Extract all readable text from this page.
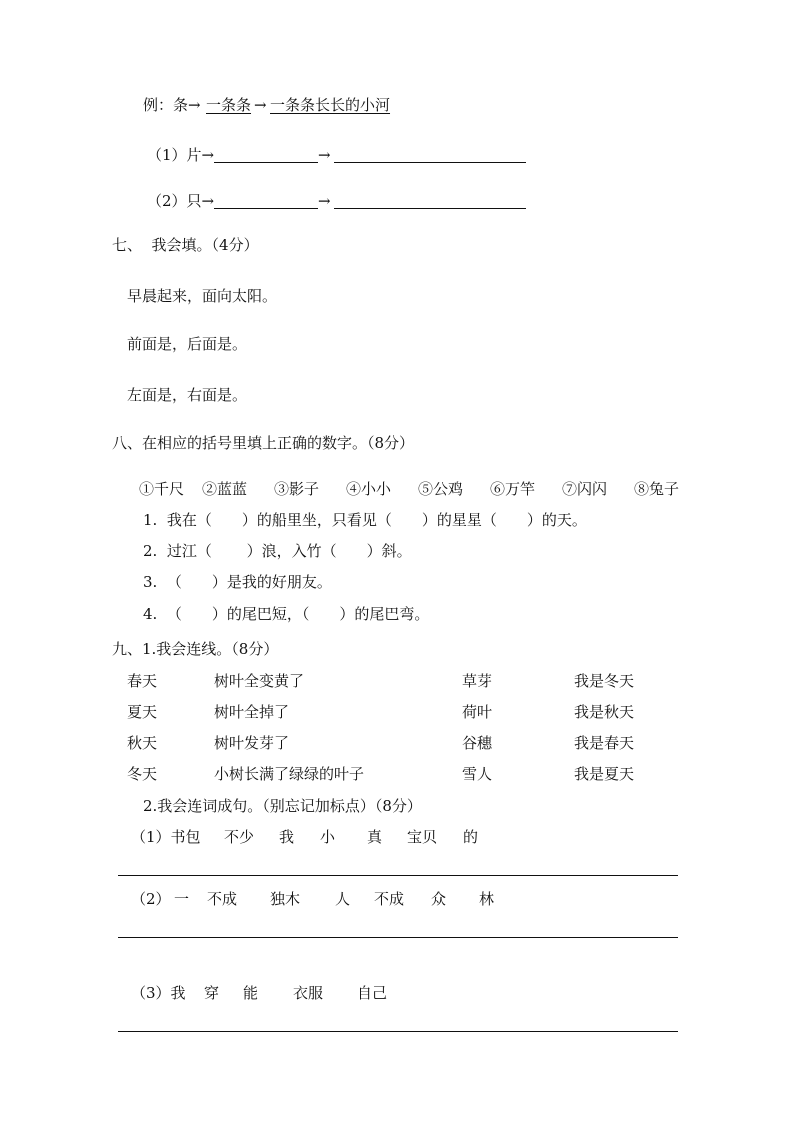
例：条→ 一条条 → 一条条长长的小河
（1）片→	→
（2）只→	→
七、  我会填。（4分）
早晨起来，面向太阳。
前面是，后面是。
左面是，右面是。
八、在相应的括号里填上正确的数字。（8分）
①千尺 ②蓝蓝 ③影子 ④小小 ⑤公鸡 ⑥万竿 ⑦闪闪 ⑧兔子
1.  我在（　　）的船里坐，只看见（　　）的星星（　　）的天。
2.  过江（　　 ）浪，入竹（　　）斜。
3.  （　　）是我的好朋友。
4.  （　　）的尾巴短，（　　）的尾巴弯。
九、1.我会连线。（8分）
春天	树叶全变黄了	草芽	我是冬天
夏天	树叶全掉了	荷叶	我是秋天
秋天	树叶发芽了	谷穗	我是春天
冬天	小树长满了绿绿的叶子	雪人	我是夏天
2.我会连词成句。（别忘记加标点）（8分）
（1）书包 不少 我 小 真 宝贝 的
（2） 一 不成 独木 人 不成 众 林
（3）我 穿 能 衣服 自己
